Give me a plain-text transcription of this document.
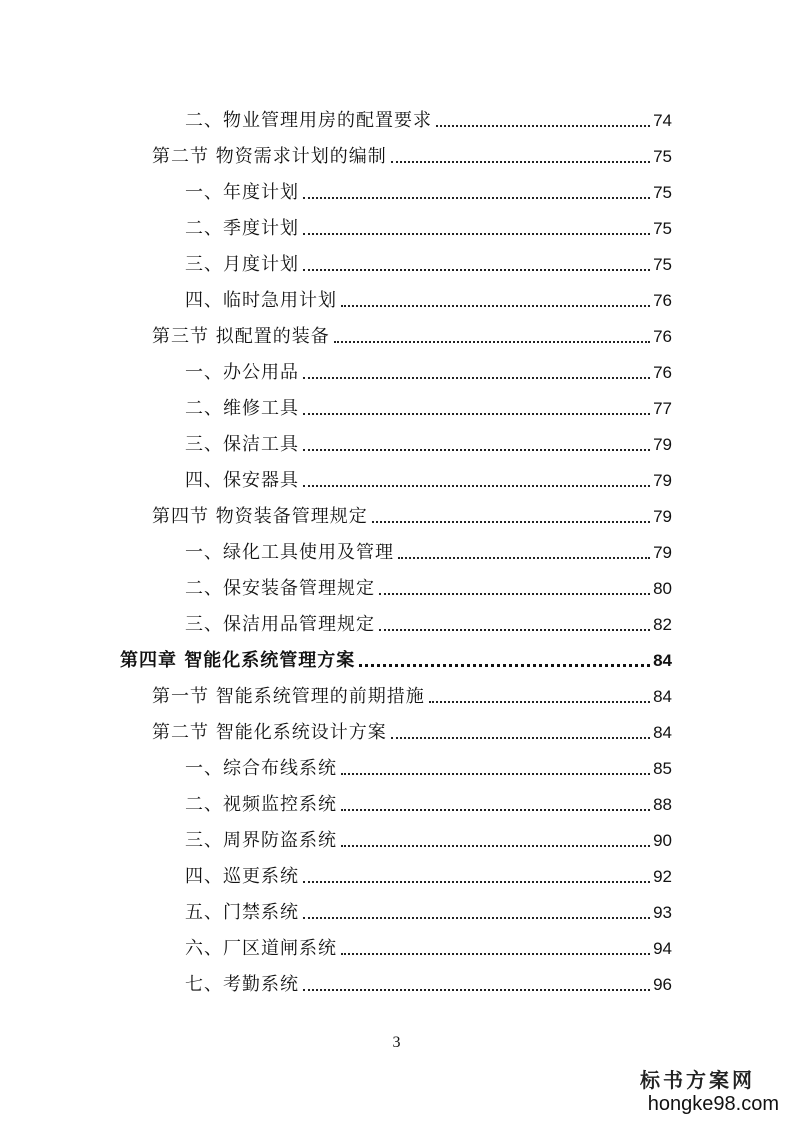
二、物业管理用房的配置要求	74
第二节 物资需求计划的编制	75
一、年度计划	75
二、季度计划	75
三、月度计划	75
四、临时急用计划	76
第三节 拟配置的装备	76
一、办公用品	76
二、维修工具	77
三、保洁工具	79
四、保安器具	79
第四节 物资装备管理规定	79
一、绿化工具使用及管理	79
二、保安装备管理规定	80
三、保洁用品管理规定	82
第四章 智能化系统管理方案	84
第一节 智能系统管理的前期措施	84
第二节 智能化系统设计方案	84
一、综合布线系统	85
二、视频监控系统	88
三、周界防盗系统	90
四、巡更系统	92
五、门禁系统	93
六、厂区道闸系统	94
七、考勤系统	96
3
标书方案网
hongke98.com
